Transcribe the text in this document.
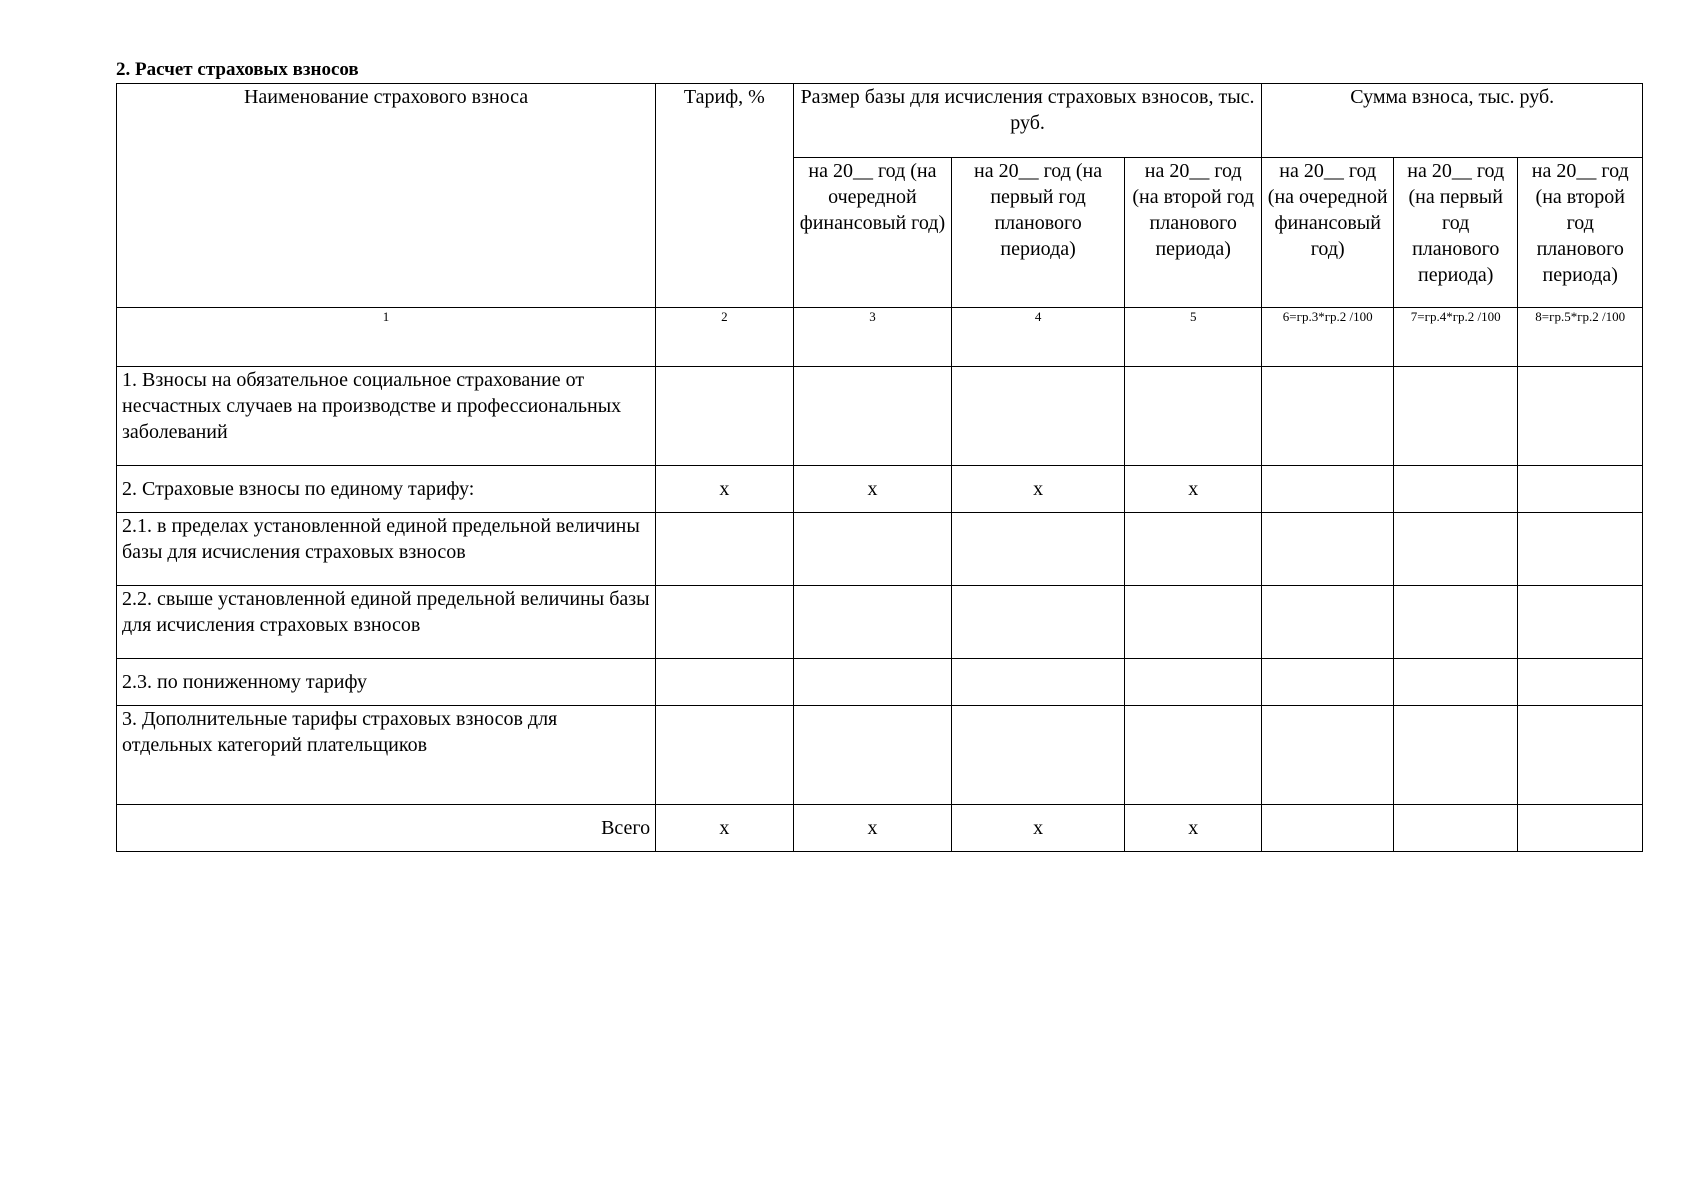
2. Расчет страховых взносов
Наименование страхового взноса	Тариф, %	Размер базы для исчисления страховых взносов, тыс. руб.			Сумма взноса, тыс. руб.		
		на 20__ год (на очередной финансовый год)	на 20__ год (на первый год планового периода)	на 20__ год (на второй год планового периода)	на 20__ год (на очередной финансовый год)	на 20__ год (на первый год планового периода)	на 20__ год (на второй год планового периода)
1	2	3	4	5	6=гр.3*гр.2 /100	7=гр.4*гр.2 /100	8=гр.5*гр.2 /100
1. Взносы на обязательное социальное страхование от несчастных случаев на производстве и профессиональных заболеваний							
2. Страховые взносы по единому тарифу:	x	x	x	x			
2.1. в пределах установленной единой предельной величины базы для исчисления страховых взносов							
2.2. свыше установленной единой предельной величины базы для исчисления страховых взносов							
2.3. по пониженному тарифу							
3. Дополнительные тарифы страховых взносов для отдельных категорий плательщиков							
Всего	x	x	x	x			
